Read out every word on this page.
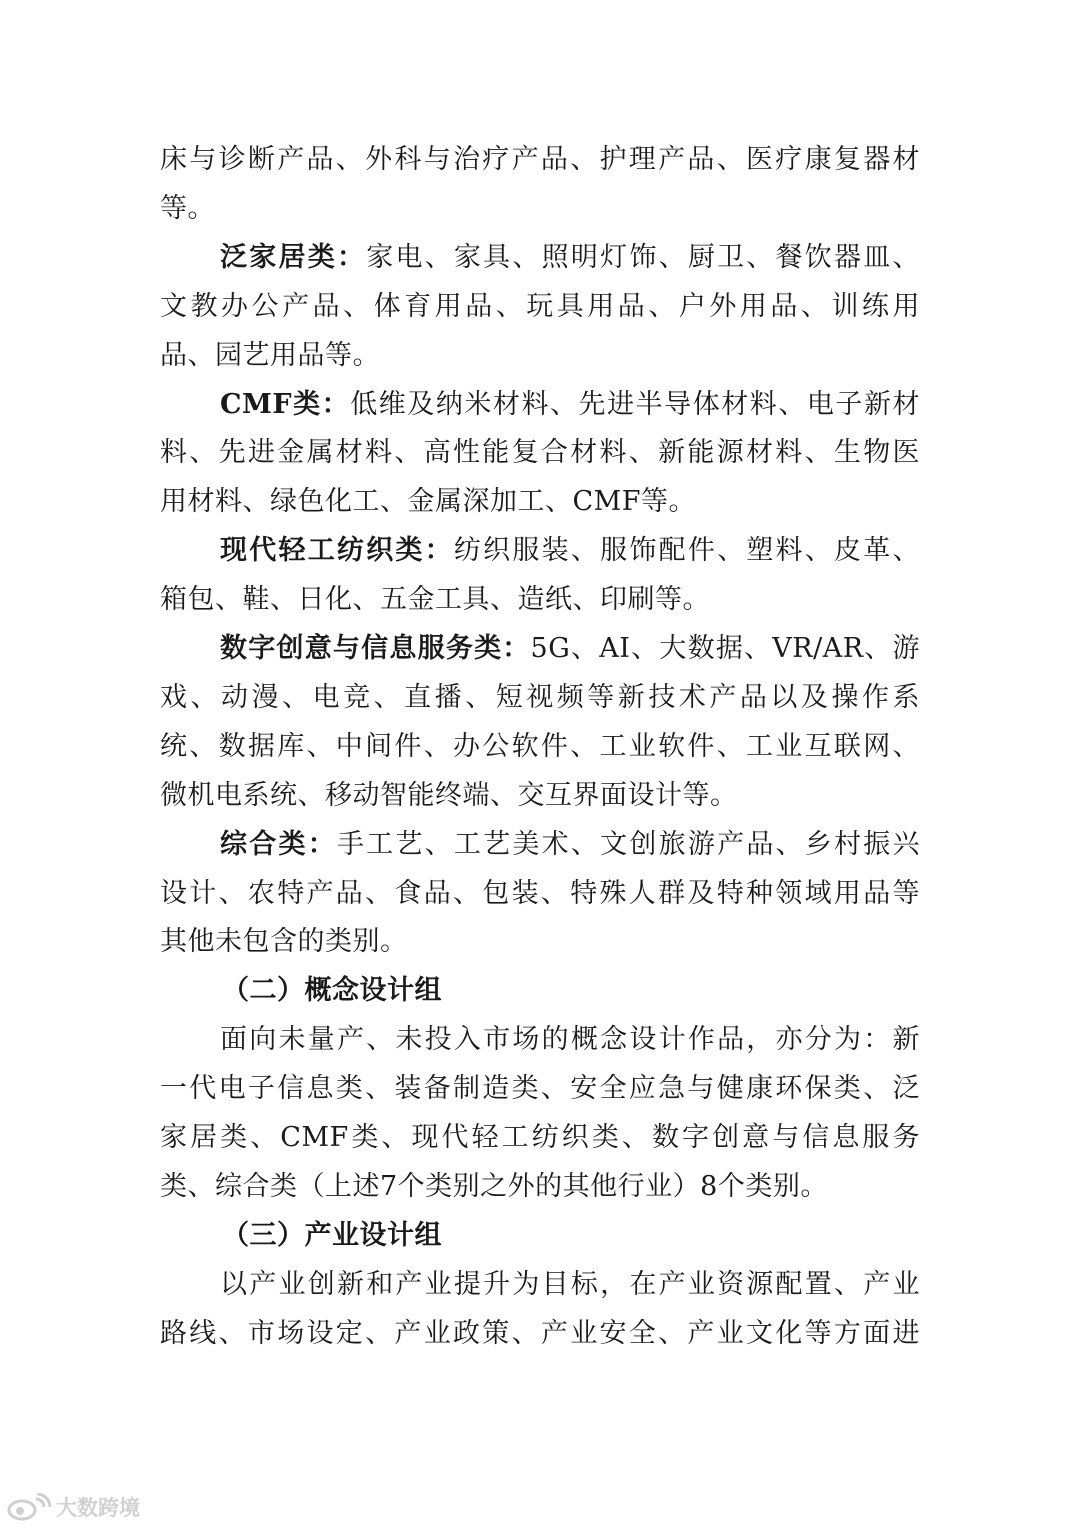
床与诊断产品、外科与治疗产品、护理产品、医疗康复器材
等。
泛家居类：家电、家具、照明灯饰、厨卫、餐饮器皿、
文教办公产品、体育用品、玩具用品、户外用品、训练用
品、园艺用品等。
CMF类：低维及纳米材料、先进半导体材料、电子新材
料、先进金属材料、高性能复合材料、新能源材料、生物医
用材料、绿色化工、金属深加工、CMF等。
现代轻工纺织类：纺织服装、服饰配件、塑料、皮革、
箱包、鞋、日化、五金工具、造纸、印刷等。
数字创意与信息服务类：5G、AI、大数据、VR/AR、游
戏、动漫、电竞、直播、短视频等新技术产品以及操作系
统、数据库、中间件、办公软件、工业软件、工业互联网、
微机电系统、移动智能终端、交互界面设计等。
综合类：手工艺、工艺美术、文创旅游产品、乡村振兴
设计、农特产品、食品、包装、特殊人群及特种领域用品等
其他未包含的类别。
（二）概念设计组
面向未量产、未投入市场的概念设计作品，亦分为：新
一代电子信息类、装备制造类、安全应急与健康环保类、泛
家居类、CMF类、现代轻工纺织类、数字创意与信息服务
类、综合类（上述7个类别之外的其他行业）8个类别。
（三）产业设计组
以产业创新和产业提升为目标，在产业资源配置、产业
路线、市场设定、产业政策、产业安全、产业文化等方面进
大数跨境
